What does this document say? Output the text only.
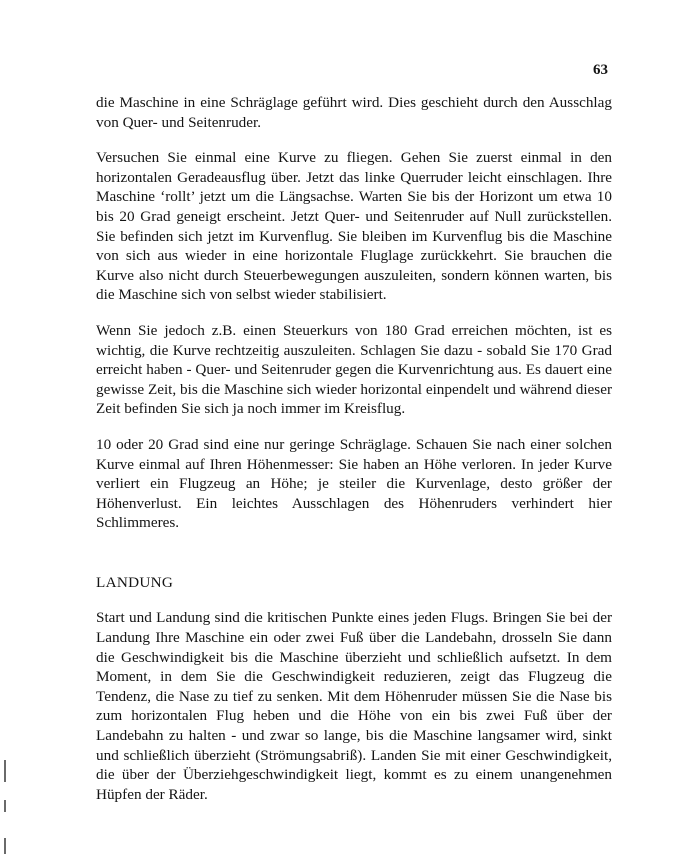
63

die Maschine in eine Schräglage geführt wird. Dies geschieht durch den Ausschlag von Quer- und Seitenruder.

Versuchen Sie einmal eine Kurve zu fliegen. Gehen Sie zuerst einmal in den horizontalen Geradeausflug über. Jetzt das linke Querruder leicht einschlagen. Ihre Maschine ‘rollt’ jetzt um die Längsachse. Warten Sie bis der Horizont um etwa 10 bis 20 Grad geneigt erscheint. Jetzt Quer- und Seitenruder auf Null zurückstellen. Sie befinden sich jetzt im Kurvenflug. Sie bleiben im Kurvenflug bis die Maschine von sich aus wieder in eine horizontale Fluglage zurückkehrt. Sie brauchen die Kurve also nicht durch Steuerbewegungen auszuleiten, sondern können warten, bis die Maschine sich von selbst wieder stabilisiert.

Wenn Sie jedoch z.B. einen Steuerkurs von 180 Grad erreichen möchten, ist es wichtig, die Kurve rechtzeitig auszuleiten. Schlagen Sie dazu - sobald Sie 170 Grad erreicht haben - Quer- und Seitenruder gegen die Kurvenrichtung aus. Es dauert eine gewisse Zeit, bis die Maschine sich wieder horizontal einpendelt und während dieser Zeit befinden Sie sich ja noch immer im Kreisflug.

10 oder 20 Grad sind eine nur geringe Schräglage. Schauen Sie nach einer solchen Kurve einmal auf Ihren Höhenmesser: Sie haben an Höhe verloren. In jeder Kurve verliert ein Flugzeug an Höhe; je steiler die Kurvenlage, desto größer der Höhenverlust. Ein leichtes Ausschlagen des Höhenruders verhindert hier Schlimmeres.

LANDUNG

Start und Landung sind die kritischen Punkte eines jeden Flugs. Bringen Sie bei der Landung Ihre Maschine ein oder zwei Fuß über die Landebahn, drosseln Sie dann die Geschwindigkeit bis die Maschine überzieht und schließlich aufsetzt. In dem Moment, in dem Sie die Geschwindigkeit reduzieren, zeigt das Flugzeug die Tendenz, die Nase zu tief zu senken. Mit dem Höhenruder müssen Sie die Nase bis zum horizontalen Flug heben und die Höhe von ein bis zwei Fuß über der Landebahn zu halten - und zwar so lange, bis die Maschine langsamer wird, sinkt und schließlich überzieht (Strömungsabriß). Landen Sie mit einer Geschwindigkeit, die über der Überziehgeschwindigkeit liegt, kommt es zu einem unangenehmen Hüpfen der Räder.
